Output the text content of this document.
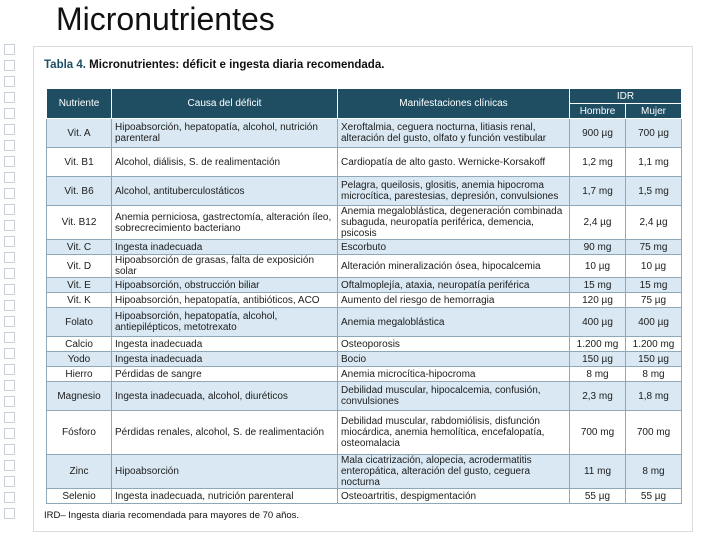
Micronutrientes
Tabla 4. Micronutrientes: déficit e ingesta diaria recomendada.
Nutriente	Causa del déficit	Manifestaciones clínicas	IDR	
			Hombre	Mujer
Vit. A	Hipoabsorción, hepatopatía, alcohol, nutrición parenteral	Xeroftalmia, ceguera nocturna, litiasis renal, alteración del gusto, olfato y función vestibular	900 µg	700 µg
Vit. B1	Alcohol, diálisis, S. de realimentación	Cardiopatía de alto gasto. Wernicke-Korsakoff	1,2 mg	1,1 mg
Vit. B6	Alcohol, antituberculostáticos	Pelagra, queilosis, glositis, anemia hipocroma microcítica, parestesias, depresión, convulsiones	1,7 mg	1,5 mg
Vit. B12	Anemia perniciosa, gastrectomía, alteración íleo, sobrecrecimiento bacteriano	Anemia megaloblástica, degeneración combinada subaguda, neuropatía periférica, demencia, psicosis	2,4 µg	2,4 µg
Vit. C	Ingesta inadecuada	Escorbuto	90 mg	75 mg
Vit. D	Hipoabsorción de grasas, falta de exposición solar	Alteración mineralización ósea, hipocalcemia	10 µg	10 µg
Vit. E	Hipoabsorción, obstrucción biliar	Oftalmoplejía, ataxia, neuropatía periférica	15 mg	15 mg
Vit. K	Hipoabsorción, hepatopatía, antibióticos, ACO	Aumento del riesgo de hemorragia	120 µg	75 µg
Folato	Hipoabsorción, hepatopatía, alcohol, antiepilépticos, metotrexato	Anemia megaloblástica	400 µg	400 µg
Calcio	Ingesta inadecuada	Osteoporosis	1.200 mg	1.200 mg
Yodo	Ingesta inadecuada	Bocio	150 µg	150 µg
Hierro	Pérdidas de sangre	Anemia microcítica-hipocroma	8 mg	8 mg
Magnesio	Ingesta inadecuada, alcohol, diuréticos	Debilidad muscular, hipocalcemia, confusión, convulsiones	2,3 mg	1,8 mg
Fósforo	Pérdidas renales, alcohol, S. de realimentación	Debilidad muscular, rabdomiólisis, disfunción miocárdica, anemia hemolítica, encefalopatía, osteomalacia	700 mg	700 mg
Zinc	Hipoabsorción	Mala cicatrización, alopecia, acrodermatitis enteropática, alteración del gusto, ceguera nocturna	11 mg	8 mg
Selenio	Ingesta inadecuada, nutrición parenteral	Osteoartritis, despigmentación	55 µg	55 µg
IRD– Ingesta diaria recomendada para mayores de 70 años.
